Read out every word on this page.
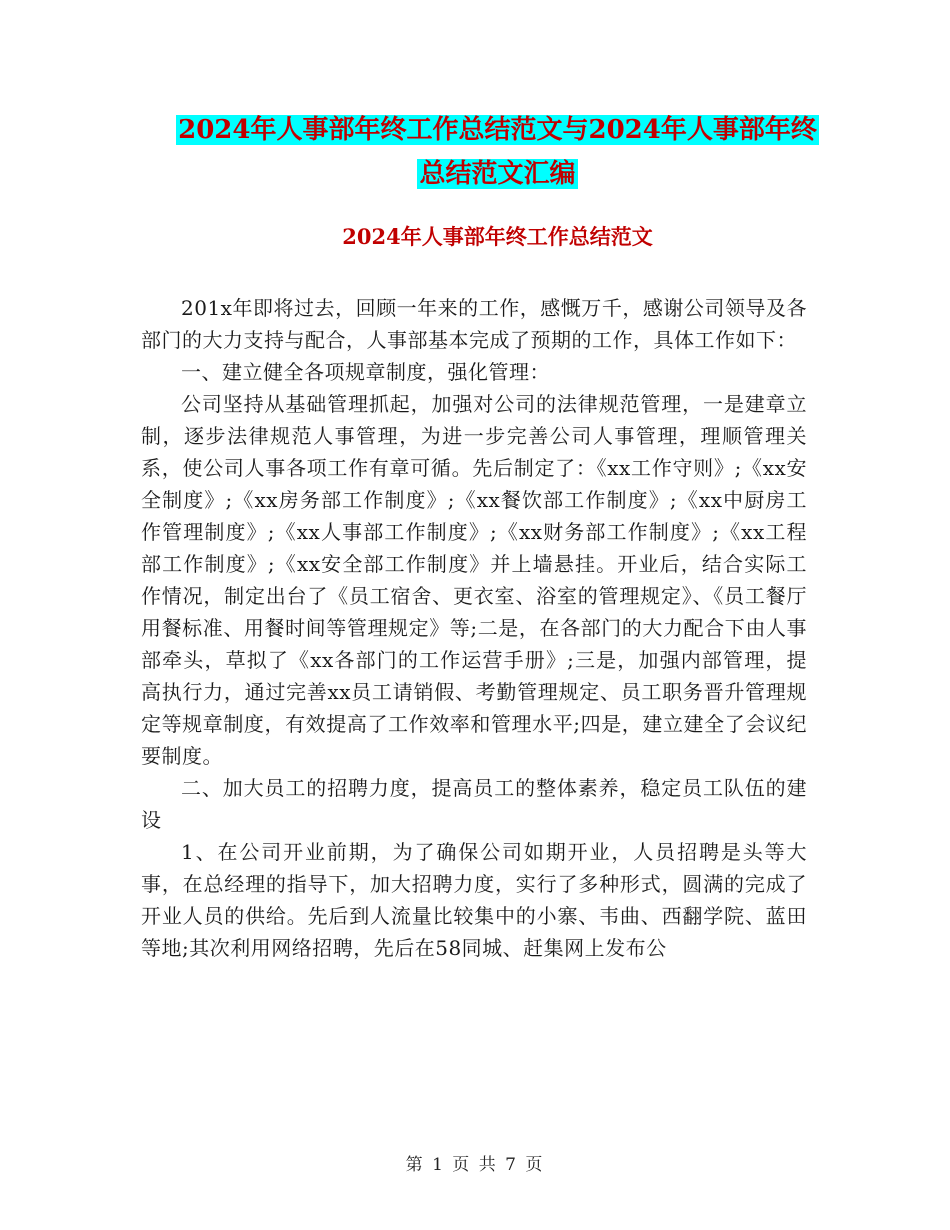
2024年人事部年终工作总结范文与2024年人事部年终
总结范文汇编
2024年人事部年终工作总结范文

201x年即将过去，回顾一年来的工作，感慨万千，感谢公司领导及各部门的大力支持与配合，人事部基本完成了预期的工作，具体工作如下：

一、建立健全各项规章制度，强化管理：

公司坚持从基础管理抓起，加强对公司的法律规范管理，一是建章立制，逐步法律规范人事管理，为进一步完善公司人事管理，理顺管理关系，使公司人事各项工作有章可循。先后制定了：《xx工作守则》;《xx安全制度》;《xx房务部工作制度》;《xx餐饮部工作制度》;《xx中厨房工作管理制度》;《xx人事部工作制度》;《xx财务部工作制度》;《xx工程部工作制度》;《xx安全部工作制度》并上墙悬挂。开业后，结合实际工作情况，制定出台了《员工宿舍、更衣室、浴室的管理规定》、《员工餐厅用餐标准、用餐时间等管理规定》等;二是，在各部门的大力配合下由人事部牵头，草拟了《xx各部门的工作运营手册》;三是，加强内部管理，提高执行力，通过完善xx员工请销假、考勤管理规定、员工职务晋升管理规定等规章制度，有效提高了工作效率和管理水平;四是，建立建全了会议纪要制度。

二、加大员工的招聘力度，提高员工的整体素养，稳定员工队伍的建设

1、在公司开业前期，为了确保公司如期开业，人员招聘是头等大事，在总经理的指导下，加大招聘力度，实行了多种形式，圆满的完成了开业人员的供给。先后到人流量比较集中的小寨、韦曲、西翻学院、蓝田等地;其次利用网络招聘，先后在58同城、赶集网上发布公

第 1 页 共 7 页
